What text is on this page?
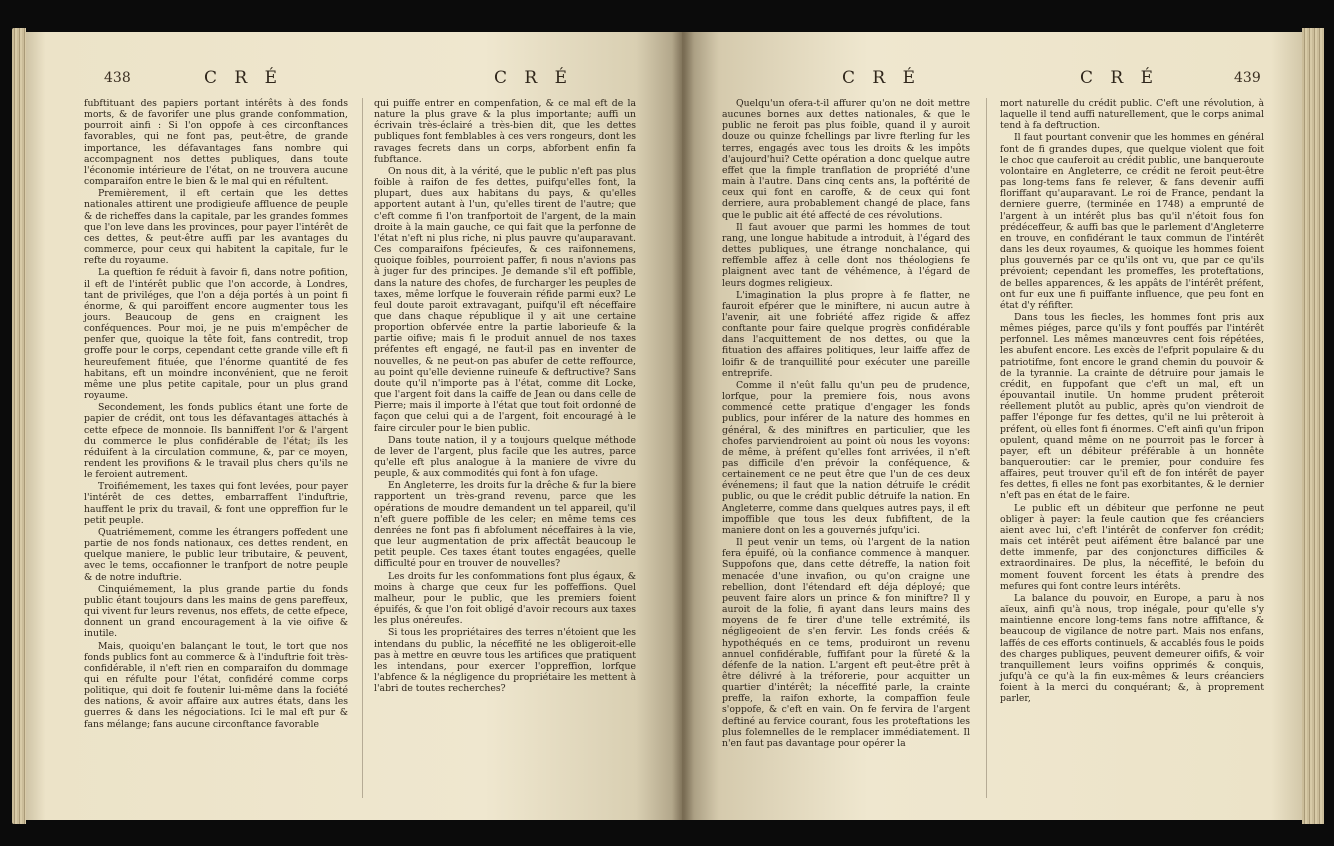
438	C R É	C R É

fubftituant des papiers portant intérêts à des fonds morts, & de favorifer une plus grande confommation, pourroit ainfi : Si l'on oppofe à ces circonftances favorables, qui ne font pas, peut-être, de grande importance, les défavantages fans nombre qui accompagnent nos dettes publiques, dans toute l'économie intérieure de l'état, on ne trouvera aucune comparaifon entre le bien & le mal qui en réfultent.

Premièrement, il eft certain que les dettes nationales attirent une prodigieufe affluence de peuple & de richeffes dans la capitale, par les grandes fommes que l'on leve dans les provinces, pour payer l'intérêt de ces dettes, & peut-être auffi par les avantages du commerce, pour ceux qui habitent la capitale, fur le refte du royaume.

La queftion fe réduit à favoir fi, dans notre pofition, il eft de l'intérêt public que l'on accorde, à Londres, tant de priviléges, que l'on a déja portés à un point fi énorme, & qui paroiffent encore augmenter tous les jours. Beaucoup de gens en craignent les conféquences. Pour moi, je ne puis m'empêcher de penfer que, quoique la tête foit, fans contredit, trop groffe pour le corps, cependant cette grande ville eft fi heureufement fituée, que l'énorme quantité de fes habitans, eft un moindre inconvénient, que ne feroit même une plus petite capitale, pour un plus grand royaume.

Secondement, les fonds publics étant une forte de papier de crédit, ont tous les défavantages attachés à cette efpece de monnoie. Ils banniffent l'or & l'argent du commerce le plus confidérable de l'état; ils les réduifent à la circulation commune, &, par ce moyen, rendent les provifions & le travail plus chers qu'ils ne le feroient autrement.

Troifiémement, les taxes qui font levées, pour payer l'intérêt de ces dettes, embarraffent l'induftrie, hauffent le prix du travail, & font une oppreffion fur le petit peuple.

Quatriémement, comme les étrangers poffedent une partie de nos fonds nationaux, ces dettes rendent, en quelque maniere, le public leur tributaire, & peuvent, avec le tems, occafionner le tranfport de notre peuple & de notre induftrie.

Cinquiémement, la plus grande partie du fonds public étant toujours dans les mains de gens pareffeux, qui vivent fur leurs revenus, nos effets, de cette efpece, donnent un grand encouragement à la vie oifive & inutile.

Mais, quoiqu'en balançant le tout, le tort que nos fonds publics font au commerce & à l'induftrie foit très-confidérable, il n'eft rien en comparaifon du dommage qui en réfulte pour l'état, confidéré comme corps politique, qui doit fe foutenir lui-même dans la fociété des nations, & avoir affaire aux autres états, dans les guerres & dans les négociations. Ici le mal eft pur & fans mélange; fans aucune circonftance favorable

qui puiffe entrer en compenfation, & ce mal eft de la nature la plus grave & la plus importante; auffi un écrivain très-éclairé a très-bien dit, que les dettes publiques font femblables à ces vers rongeurs, dont les ravages fecrets dans un corps, abforbent enfin fa fubftance.

On nous dit, à la vérité, que le public n'eft pas plus foible à raifon de fes dettes, puifqu'elles font, la plupart, dues aux habitans du pays, & qu'elles apportent autant à l'un, qu'elles tirent de l'autre; que c'eft comme fi l'on tranfportoit de l'argent, de la main droite à la main gauche, ce qui fait que la perfonne de l'état n'eft ni plus riche, ni plus pauvre qu'auparavant. Ces comparaifons fpécieufes, & ces raifonnemens, quoique foibles, pourroient paffer, fi nous n'avions pas à juger fur des principes. Je demande s'il eft poffible, dans la nature des chofes, de furcharger les peuples de taxes, même lorfque le fouverain réfide parmi eux? Le feul doute paroit extravagant, puifqu'il eft néceffaire que dans chaque république il y ait une certaine proportion obfervée entre la partie laborieufe & la partie oifive; mais fi le produit annuel de nos taxes préfentes eft engagé, ne faut-il pas en inventer de nouvelles, & ne peut-on pas abufer de cette reffource, au point qu'elle devienne ruineufe & deftructive? Sans doute qu'il n'importe pas à l'état, comme dit Locke, que l'argent foit dans la caiffe de Jean ou dans celle de Pierre; mais il importe à l'état que tout foit ordonné de façon que celui qui a de l'argent, foit encouragé à le faire circuler pour le bien public.

Dans toute nation, il y a toujours quelque méthode de lever de l'argent, plus facile que les autres, parce qu'elle eft plus analogue à la maniere de vivre du peuple, & aux commodités qui font à fon ufage.

En Angleterre, les droits fur la drêche & fur la biere rapportent un très-grand revenu, parce que les opérations de moudre demandent un tel appareil, qu'il n'eft guere poffible de les celer; en même tems ces denrées ne font pas fi abfolument néceffaires à la vie, que leur augmentation de prix affectât beaucoup le petit peuple. Ces taxes étant toutes engagées, quelle difficulté pour en trouver de nouvelles?

Les droits fur les confommations font plus égaux, & moins à charge que ceux fur les poffeffions. Quel malheur, pour le public, que les premiers foient épuifés, & que l'on foit obligé d'avoir recours aux taxes les plus onéreufes.

Si tous les propriétaires des terres n'étoient que les intendans du public, la néceffité ne les obligeroit-elle pas à mettre en œuvre tous les artifices que pratiquent les intendans, pour exercer l'oppreffion, lorfque l'abfence & la négligence du propriétaire les mettent à l'abri de toutes recherches?

C R É	C R É	439

Quelqu'un ofera-t-il affurer qu'on ne doit mettre aucunes bornes aux dettes nationales, & que le public ne feroit pas plus foible, quand il y auroit douze ou quinze fchellings par livre fterling fur les terres, engagés avec tous les droits & les impôts d'aujourd'hui? Cette opération a donc quelque autre effet que la fimple tranflation de propriété d'une main à l'autre. Dans cinq cents ans, la poftérité de ceux qui font en caroffe, & de ceux qui font derriere, aura probablement changé de place, fans que le public ait été affecté de ces révolutions.

Il faut avouer que parmi les hommes de tout rang, une longue habitude a introduit, à l'égard des dettes publiques, une étrange nonchalance, qui reffemble affez à celle dont nos théologiens fe plaignent avec tant de véhémence, à l'égard de leurs dogmes religieux.

L'imagination la plus propre à fe flatter, ne fauroit efpérer que le miniftere, ni aucun autre à l'avenir, ait une fobriété affez rigide & affez conftante pour faire quelque progrès confidérable dans l'acquittement de nos dettes, ou que la fituation des affaires politiques, leur laiffe affez de loifir & de tranquillité pour exécuter une pareille entreprife.

Comme il n'eût fallu qu'un peu de prudence, lorfque, pour la premiere fois, nous avons commencé cette pratique d'engager les fonds publics, pour inférer de la nature des hommes en général, & des miniftres en particulier, que les chofes parviendroient au point où nous les voyons: de même, à préfent qu'elles font arrivées, il n'eft pas difficile d'en prévoir la conféquence, & certainement ce ne peut être que l'un de ces deux événemens; il faut que la nation détruife le crédit public, ou que le crédit public détruife la nation. En Angleterre, comme dans quelques autres pays, il eft impoffible que tous les deux fubfiftent, de la maniere dont on les a gouvernés jufqu'ici.

Il peut venir un tems, où l'argent de la nation fera épuifé, où la confiance commence à manquer. Suppofons que, dans cette détreffe, la nation foit menacée d'une invafion, ou qu'on craigne une rebellion, dont l'étendard eft déja déployé; que peuvent faire alors un prince & fon miniftre? Il y auroit de la folie, fi ayant dans leurs mains des moyens de fe tirer d'une telle extrémité, ils négligeoient de s'en fervir. Les fonds créés & hypothéqués en ce tems, produiront un revenu annuel confidérable, fuffifant pour la fûreté & la défenfe de la nation. L'argent eft peut-être prêt à être délivré à la tréforerie, pour acquitter un quartier d'intérêt; la néceffité parle, la crainte preffe, la raifon exhorte, la compaffion feule s'oppofe, & c'eft en vain. On fe fervira de l'argent deftiné au fervice courant, fous les proteftations les plus folemnelles de le remplacer immédiatement. Il n'en faut pas davantage pour opérer la

mort naturelle du crédit public. C'eft une révolution, à laquelle il tend auffi naturellement, que le corps animal tend à fa deftruction.

Il faut pourtant convenir que les hommes en général font de fi grandes dupes, que quelque violent que foit le choc que cauferoit au crédit public, une banqueroute volontaire en Angleterre, ce crédit ne feroit peut-être pas long-tems fans fe relever, & fans devenir auffi floriffant qu'auparavant. Le roi de France, pendant la derniere guerre, (terminée en 1748) a emprunté de l'argent à un intérêt plus bas qu'il n'étoit fous fon prédéceffeur, & auffi bas que le parlement d'Angleterre en trouve, en confidérant le taux commun de l'intérêt dans les deux royaumes, & quoique les hommes foient plus gouvernés par ce qu'ils ont vu, que par ce qu'ils prévoient; cependant les promeffes, les proteftations, de belles apparences, & les appâts de l'intérêt préfent, ont fur eux une fi puiffante influence, que peu font en état d'y réfifter.

Dans tous les fiecles, les hommes font pris aux mêmes piéges, parce qu'ils y font pouffés par l'intérêt perfonnel. Les mêmes manœuvres cent fois répétées, les abufent encore. Les excès de l'efprit populaire & du patriotifme, font encore le grand chemin du pouvoir & de la tyrannie. La crainte de détruire pour jamais le crédit, en fuppofant que c'eft un mal, eft un épouvantail inutile. Un homme prudent prêteroit réellement plutôt au public, après qu'on viendroit de paffer l'éponge fur fes dettes, qu'il ne lui prêteroit à préfent, où elles font fi énormes. C'eft ainfi qu'un fripon opulent, quand même on ne pourroit pas le forcer à payer, eft un débiteur préférable à un honnête banqueroutier: car le premier, pour conduire fes affaires, peut trouver qu'il eft de fon intérêt de payer fes dettes, fi elles ne font pas exorbitantes, & le dernier n'eft pas en état de le faire.

Le public eft un débiteur que perfonne ne peut obliger à payer: la feule caution que fes créanciers aient avec lui, c'eft l'intérêt de conferver fon crédit; mais cet intérêt peut aifément être balancé par une dette immenfe, par des conjonctures difficiles & extraordinaires. De plus, la néceffité, le befoin du moment fouvent forcent les états à prendre des mefures qui font contre leurs intérêts.

La balance du pouvoir, en Europe, a paru à nos aïeux, ainfi qu'à nous, trop inégale, pour qu'elle s'y maintienne encore long-tems fans notre affiftance, & beaucoup de vigilance de notre part. Mais nos enfans, laffés de ces efforts continuels, & accablés fous le poids des charges publiques, peuvent demeurer oififs, & voir tranquillement leurs voifins opprimés & conquis, jufqu'à ce qu'à la fin eux-mêmes & leurs créanciers foient à la merci du conquérant; &, à proprement parler,
